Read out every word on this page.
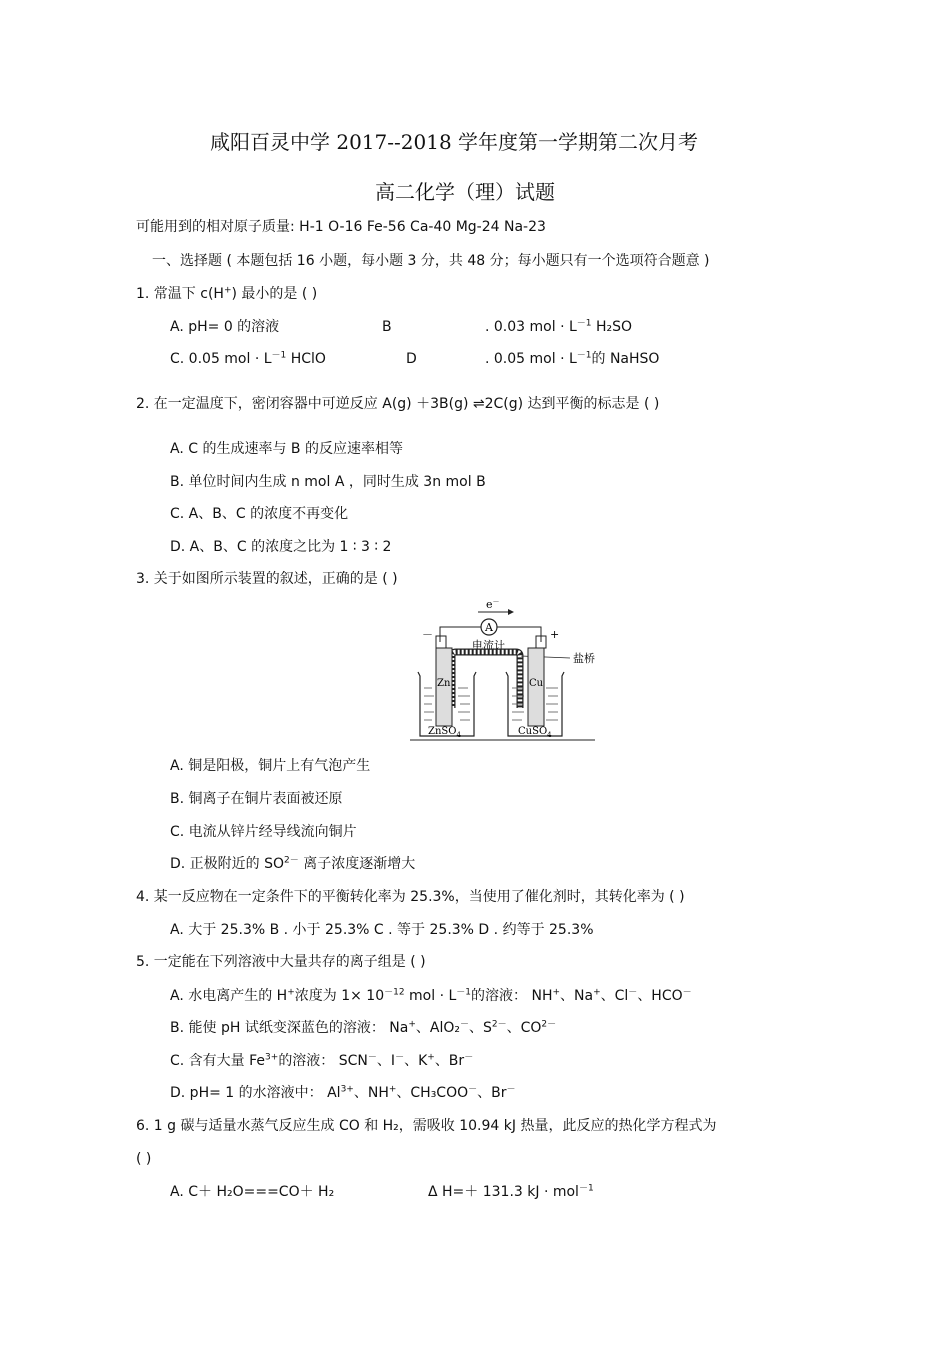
咸阳百灵中学 2017--2018 学年度第一学期第二次月考
高二化学（理）试题
可能用到的相对原子质量: H-1 O-16 Fe-56 Ca-40 Mg-24 Na-23
一、选择题 ( 本题包括 16 小题，每小题 3 分，共 48 分；每小题只有一个选项符合题意 )
1. 常温下 c(H+) 最小的是 ( )
A. pH= 0 的溶液	B	. 0.03 mol · $L^{-1}$ H₂SO
C. 0.05 mol · $L^{-1}$ HClO	D	. 0.05 mol · $L^{-1}$的 NaHSO
2. 在一定温度下，密闭容器中可逆反应 A(g) ＋3B(g) ⇌2C(g) 达到平衡的标志是 ( )
A. C 的生成速率与 B 的反应速率相等
B. 单位时间内生成 n mol A ，同时生成 3n mol B
C. A、B、C 的浓度不再变化
D. A、B、C 的浓度之比为 1 ∶ 3 ∶ 2
3. 关于如图所示装置的叙述，正确的是 ( )
e－
A
电流计
－	+
盐桥
Zn	Cu
ZnSO$_4$	CuSO$_4$
A. 铜是阳极，铜片上有气泡产生
B. 铜离子在铜片表面被还原
C. 电流从锌片经导线流向铜片
D. 正极附近的 $SO^{2-}$ 离子浓度逐渐增大
4. 某一反应物在一定条件下的平衡转化率为 25.3%，当使用了催化剂时，其转化率为 ( )
A. 大于 25.3% B . 小于 25.3% C . 等于 25.3% D . 约等于 25.3%
5. 一定能在下列溶液中大量共存的离子组是 ( )
A. 水电离产生的 H+浓度为 $1\times 10^{-12}$ mol · $L^{-1}$的溶液： NH+、Na+、Cl－、HCO－
B. 能使 pH 试纸变深蓝色的溶液： Na+、AlO₂－、$S^{2-}$、$CO^{2-}$
C. 含有大量 $Fe^{3+}$的溶液： SCN－、I－、K+、Br－
D. pH= 1 的水溶液中： $Al^{3+}$、NH+、CH₃COO－、Br－
6. 1 g 碳与适量水蒸气反应生成 CO 和 H₂，需吸收 10.94 kJ 热量，此反应的热化学方程式为
( )
A. C＋ H₂O===CO＋ H₂	Δ H=＋ 131.3 kJ · mol$^{-1}$
